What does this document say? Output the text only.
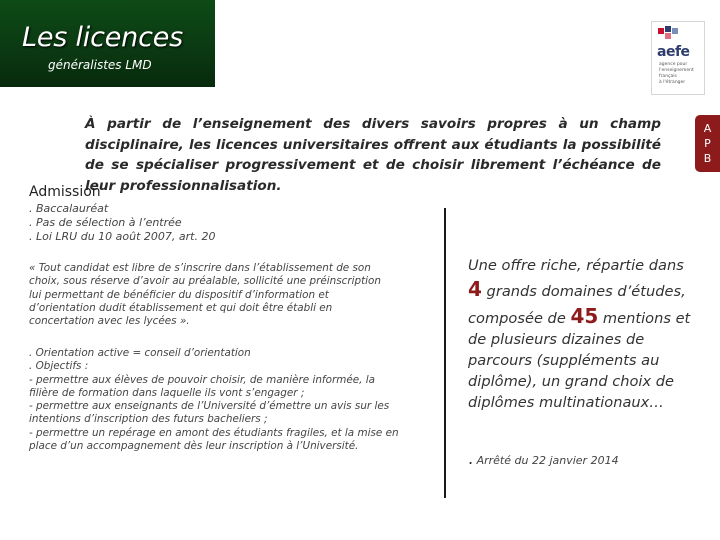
Les licences
généralistes LMD
aefe
agence pour
l'enseignement
français
à l'étranger
A
P
B
À partir de l’enseignement des divers savoirs propres à un champ disciplinaire, les licences universitaires offrent aux étudiants la possibilité de se spécialiser progressivement et de choisir librement l’échéance de leur professionnalisation.
Admission
. Baccalauréat
. Pas de sélection à l’entrée
. Loi LRU du 10 août 2007, art. 20
« Tout candidat est libre de s’inscrire dans l’établissement de son choix, sous réserve d’avoir au préalable, sollicité une préinscription lui permettant de bénéficier du dispositif d’information et d’orientation dudit établissement et qui doit être établi en concertation avec les lycées ».
. Orientation active = conseil d’orientation
. Objectifs :
- permettre aux élèves de pouvoir choisir, de manière informée, la
filière de formation dans laquelle ils vont s’engager ;
- permettre aux enseignants de l’Université d’émettre un avis sur les
intentions d’inscription des futurs bacheliers ;
- permettre un repérage en amont des étudiants fragiles, et la mise en
place d’un accompagnement dès leur inscription à l’Université.
Une offre riche, répartie dans
4 grands domaines d’études,
composée de 45 mentions et
de plusieurs dizaines de
parcours (suppléments au
diplôme), un grand choix de
diplômes multinationaux…
. Arrêté du 22 janvier 2014
